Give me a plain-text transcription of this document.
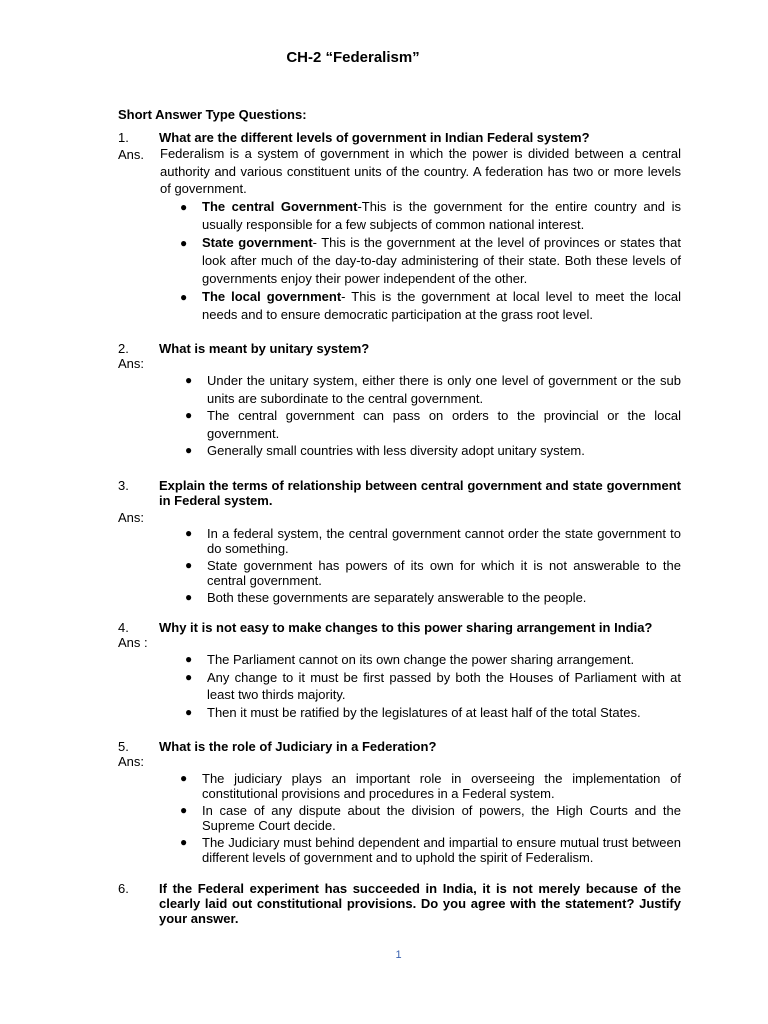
CH-2 “Federalism”
Short Answer Type Questions:
1. What are the different levels of government in Indian Federal system?
Ans. Federalism is a system of government in which the power is divided between a central authority and various constituent units of the country. A federation has two or more levels of government.
● The central Government-This is the government for the entire country and is usually responsible for a few subjects of common national interest.
● State government- This is the government at the level of provinces or states that look after much of the day-to-day administering of their state. Both these levels of governments enjoy their power independent of the other.
● The local government- This is the government at local level to meet the local needs and to ensure democratic participation at the grass root level.
2. What is meant by unitary system?
Ans:
● Under the unitary system, either there is only one level of government or the sub units are subordinate to the central government.
● The central government can pass on orders to the provincial or the local government.
● Generally small countries with less diversity adopt unitary system.
3. Explain the terms of relationship between central government and state government in Federal system.
Ans:
● In a federal system, the central government cannot order the state government to do something.
● State government has powers of its own for which it is not answerable to the central government.
● Both these governments are separately answerable to the people.
4. Why it is not easy to make changes to this power sharing arrangement in India?
Ans :
● The Parliament cannot on its own change the power sharing arrangement.
● Any change to it must be first passed by both the Houses of Parliament with at least two thirds majority.
● Then it must be ratified by the legislatures of at least half of the total States.
5. What is the role of Judiciary in a Federation?
Ans:
● The judiciary plays an important role in overseeing the implementation of constitutional provisions and procedures in a Federal system.
● In case of any dispute about the division of powers, the High Courts and the Supreme Court decide.
● The Judiciary must behind dependent and impartial to ensure mutual trust between different levels of government and to uphold the spirit of Federalism.
6. If the Federal experiment has succeeded in India, it is not merely because of the clearly laid out constitutional provisions. Do you agree with the statement? Justify your answer.
1
